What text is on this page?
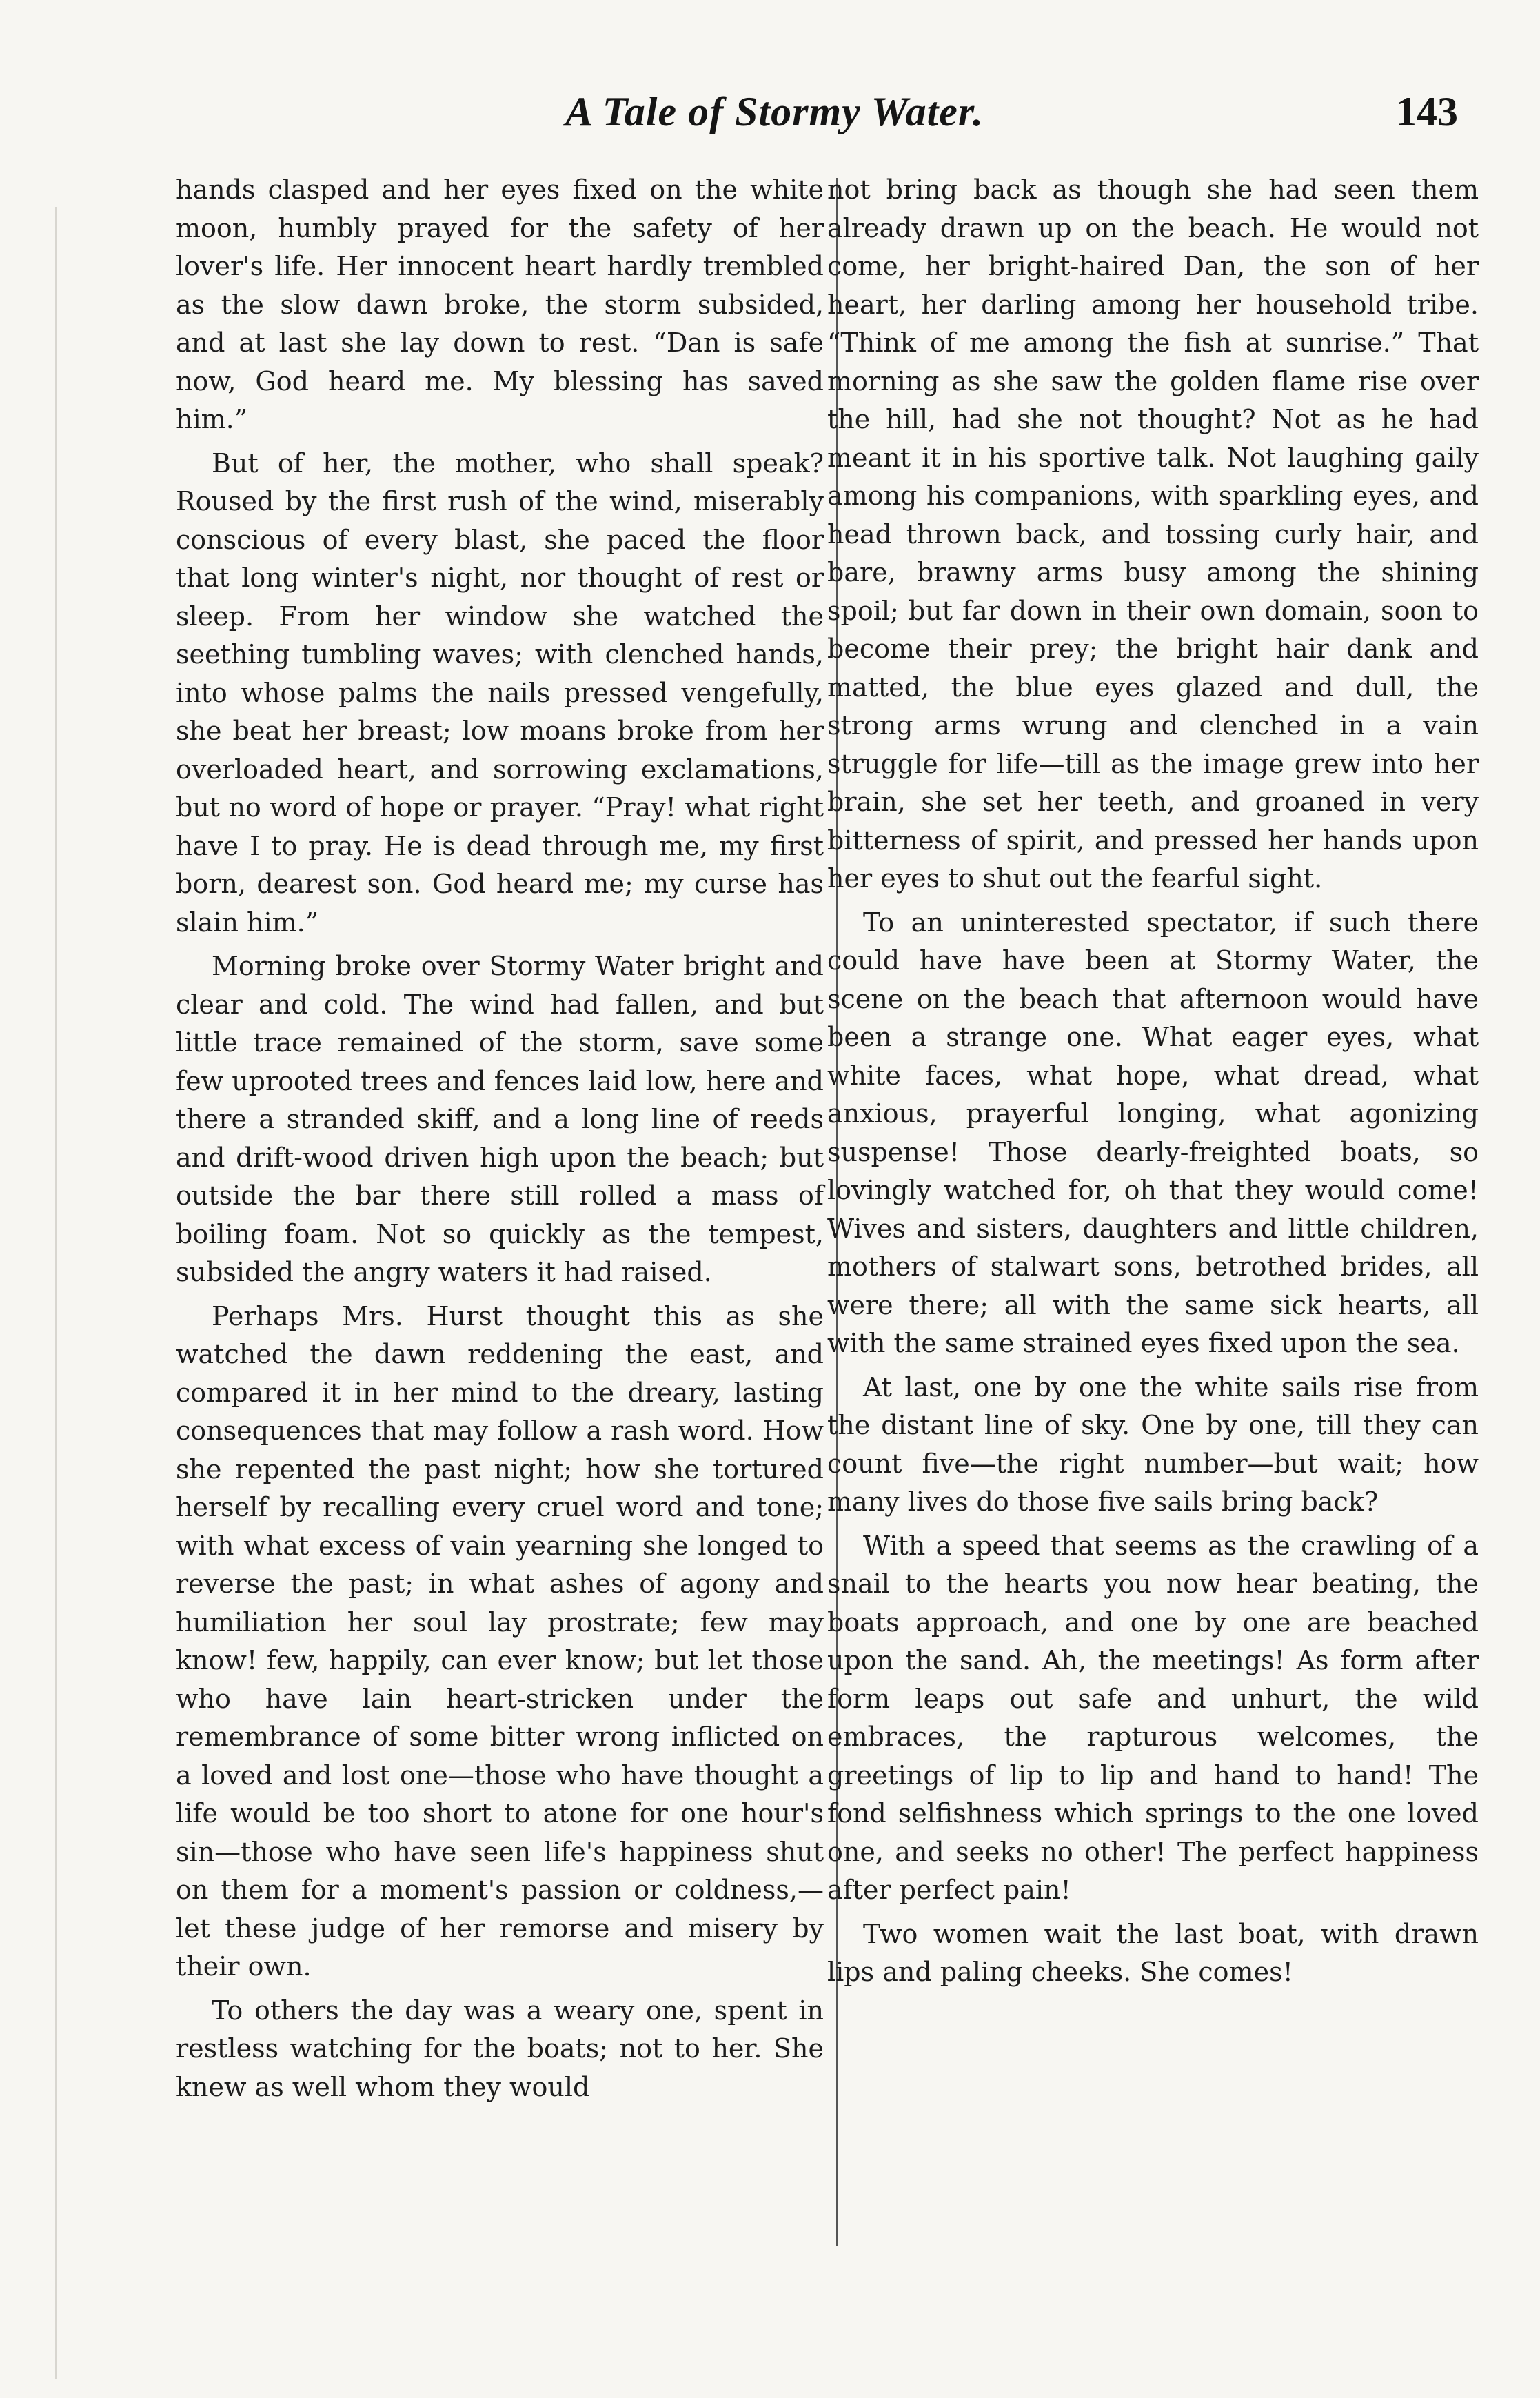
A Tale of Stormy Water.	143

hands clasped and her eyes fixed on the white moon, humbly prayed for the safety of her lover's life. Her innocent heart hardly trembled as the slow dawn broke, the storm subsided, and at last she lay down to rest. “Dan is safe now, God heard me. My blessing has saved him.”

But of her, the mother, who shall speak? Roused by the first rush of the wind, miserably conscious of every blast, she paced the floor that long winter's night, nor thought of rest or sleep. From her window she watched the seething tumbling waves; with clenched hands, into whose palms the nails pressed vengefully, she beat her breast; low moans broke from her overloaded heart, and sorrowing exclamations, but no word of hope or prayer. “Pray! what right have I to pray. He is dead through me, my first born, dearest son. God heard me; my curse has slain him.”

Morning broke over Stormy Water bright and clear and cold. The wind had fallen, and but little trace remained of the storm, save some few uprooted trees and fences laid low, here and there a stranded skiff, and a long line of reeds and drift-wood driven high upon the beach; but outside the bar there still rolled a mass of boiling foam. Not so quickly as the tempest, subsided the angry waters it had raised.

Perhaps Mrs. Hurst thought this as she watched the dawn reddening the east, and compared it in her mind to the dreary, lasting consequences that may follow a rash word. How she repented the past night; how she tortured herself by recalling every cruel word and tone; with what excess of vain yearning she longed to reverse the past; in what ashes of agony and humiliation her soul lay prostrate; few may know! few, happily, can ever know; but let those who have lain heart-stricken under the remembrance of some bitter wrong inflicted on a loved and lost one—those who have thought a life would be too short to atone for one hour's sin—those who have seen life's happiness shut on them for a moment's passion or coldness,—let these judge of her remorse and misery by their own.

To others the day was a weary one, spent in restless watching for the boats; not to her. She knew as well whom they would

not bring back as though she had seen them already drawn up on the beach. He would not come, her bright-haired Dan, the son of her heart, her darling among her household tribe. “Think of me among the fish at sunrise.” That morning as she saw the golden flame rise over the hill, had she not thought? Not as he had meant it in his sportive talk. Not laughing gaily among his companions, with sparkling eyes, and head thrown back, and tossing curly hair, and bare, brawny arms busy among the shining spoil; but far down in their own domain, soon to become their prey; the bright hair dank and matted, the blue eyes glazed and dull, the strong arms wrung and clenched in a vain struggle for life—till as the image grew into her brain, she set her teeth, and groaned in very bitterness of spirit, and pressed her hands upon her eyes to shut out the fearful sight.

To an uninterested spectator, if such there could have have been at Stormy Water, the scene on the beach that afternoon would have been a strange one. What eager eyes, what white faces, what hope, what dread, what anxious, prayerful longing, what agonizing suspense! Those dearly-freighted boats, so lovingly watched for, oh that they would come! Wives and sisters, daughters and little children, mothers of stalwart sons, betrothed brides, all were there; all with the same sick hearts, all with the same strained eyes fixed upon the sea.

At last, one by one the white sails rise from the distant line of sky. One by one, till they can count five—the right number—but wait; how many lives do those five sails bring back?

With a speed that seems as the crawling of a snail to the hearts you now hear beating, the boats approach, and one by one are beached upon the sand. Ah, the meetings! As form after form leaps out safe and unhurt, the wild embraces, the rapturous welcomes, the greetings of lip to lip and hand to hand! The fond selfishness which springs to the one loved one, and seeks no other! The perfect happiness after perfect pain!

Two women wait the last boat, with drawn lips and paling cheeks. She comes!
